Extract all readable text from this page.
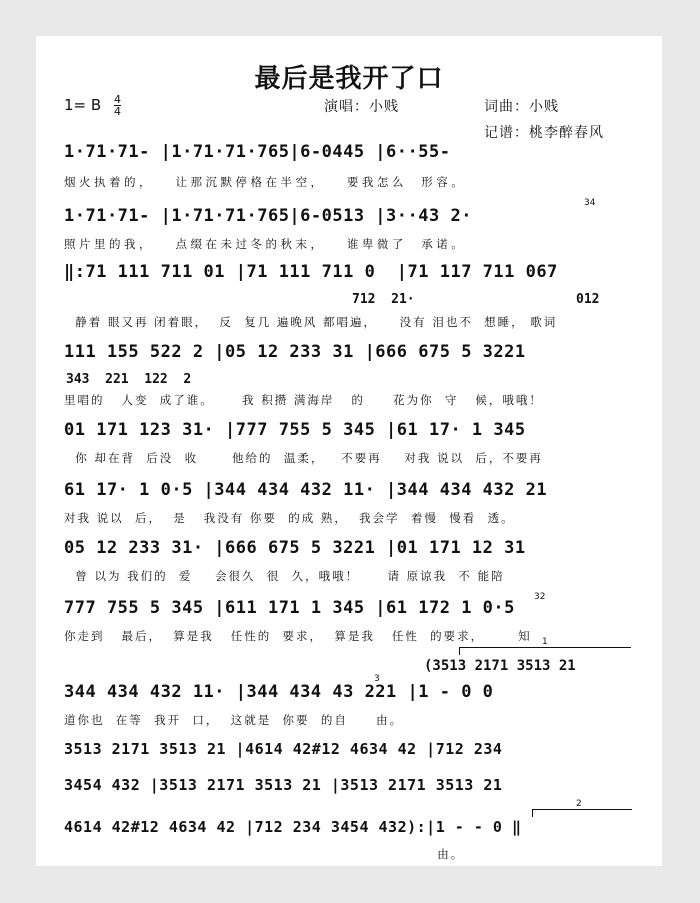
最后是我开了口
1= B $\frac{4}{4}$	演唱：小贱	词曲：小贱
记谱：桃李醉春风
1·71·71- |1·71·71·765|6-0445 |6··55-
烟火执着的，   让那沉默停格在半空，   要我怎么  形容。
34
1·71·71- |1·71·71·765|6-0513 |3··43 2·
照片里的我，   点缀在未过冬的秋末，   谁卑微了  承诺。
‖:71 111 711 01 |71 111 711 0  |71 117 711 067
712  21·	012
静着 眼又再 闭着眼，  反  复几 遍晚风 都唱遍，    没有 泪也不  想睡， 歌词
111 155 522 2 |05 12 233 31 |666 675 5 3221
343  221  122  2
里唱的   人变  成了谁。     我 积攒 满海岸   的     花为你  守   候，哦哦！
01 171 123 31· |777 755 5 345 |61 17· 1 345
你 却在背  后没  收      他给的  温柔，   不要再    对我 说以  后，不要再
61 17· 1 0·5 |344 434 432 11· |344 434 432 21
对我 说以  后，  是   我没有 你要  的成 熟，  我会学  着慢  慢看  透。
05 12 233 31· |666 675 5 3221 |01 171 12 31
曾 以为 我们的  爱    会很久  很  久，哦哦！     请 原谅我  不 能陪
32
777 755 5 345 |611 171 1 345 |61 172 1 0·5
你走到   最后，  算是我   任性的  要求，  算是我   任性  的要求，      知	1
(3513 2171 3513 21
3
344 434 432 11· |344 434 43 221 |1 - 0 0
道你也  在等  我开  口，  这就是  你要  的自     由。
3513 2171 3513 21 |4614 42#12 4634 42 |712 234
3454 432 |3513 2171 3513 21 |3513 2171 3513 21
2
4614 42#12 4634 42 |712 234 3454 432):|1 - - 0 ‖
由。
